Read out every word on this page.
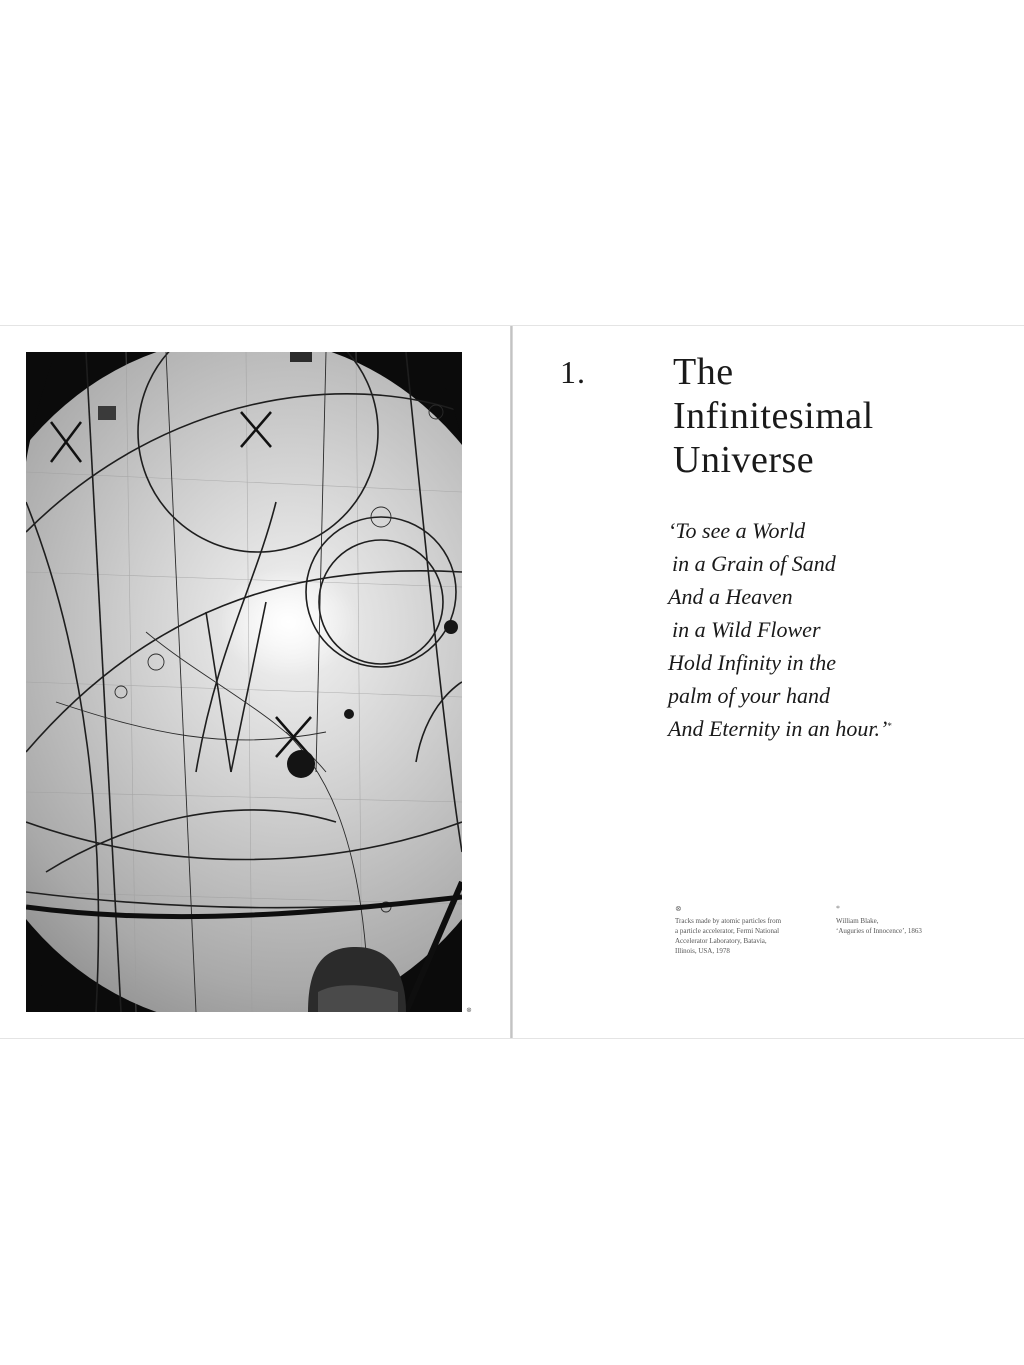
⊗
1. The
Infinitesimal
Universe
‘To see a World
in a Grain of Sand
And a Heaven
in a Wild Flower
Hold Infinity in the
palm of your hand
And Eternity in an hour.’*
⊗
Tracks made by atomic particles from
a particle accelerator, Fermi National
Accelerator Laboratory, Batavia,
Illinois, USA, 1978
*
William Blake,
‘Auguries of Innocence’, 1863
